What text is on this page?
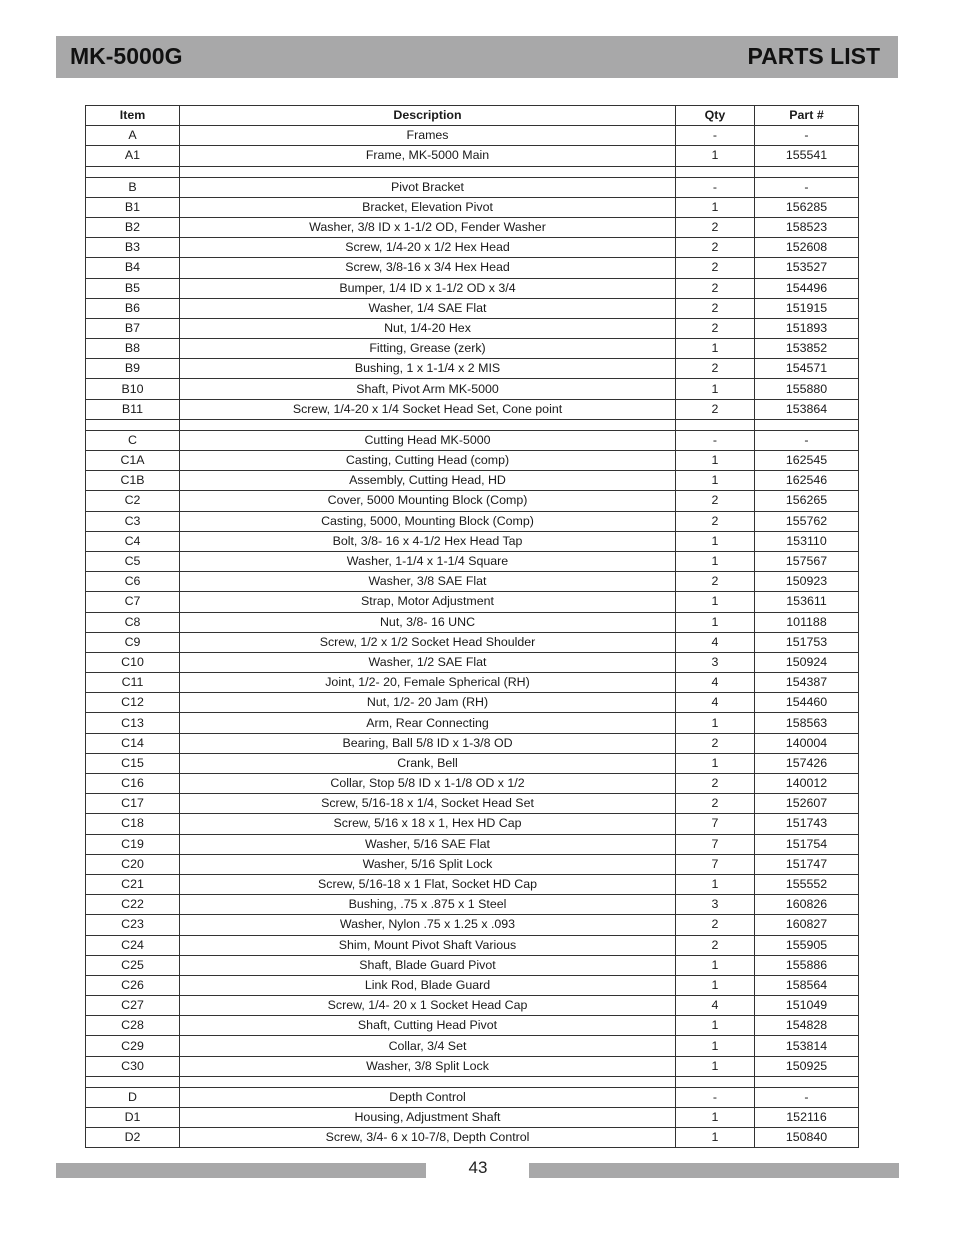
MK-5000G	PARTS LIST
Item	Description	Qty	Part #
A	Frames	-	-
A1	Frame, MK-5000 Main	1	155541

B	Pivot Bracket	-	-
B1	Bracket, Elevation Pivot	1	156285
B2	Washer, 3/8 ID x 1-1/2 OD, Fender Washer	2	158523
B3	Screw, 1/4-20 x 1/2 Hex Head	2	152608
B4	Screw, 3/8-16 x 3/4 Hex Head	2	153527
B5	Bumper, 1/4 ID x 1-1/2 OD x 3/4	2	154496
B6	Washer, 1/4 SAE Flat	2	151915
B7	Nut, 1/4-20 Hex	2	151893
B8	Fitting, Grease (zerk)	1	153852
B9	Bushing, 1 x 1-1/4 x 2 MIS	2	154571
B10	Shaft, Pivot Arm MK-5000	1	155880
B11	Screw, 1/4-20 x 1/4 Socket Head Set, Cone point	2	153864

C	Cutting Head MK-5000	-	-
C1A	Casting, Cutting Head (comp)	1	162545
C1B	Assembly, Cutting Head, HD	1	162546
C2	Cover, 5000 Mounting Block (Comp)	2	156265
C3	Casting, 5000, Mounting Block (Comp)	2	155762
C4	Bolt, 3/8- 16 x 4-1/2 Hex Head Tap	1	153110
C5	Washer, 1-1/4 x 1-1/4 Square	1	157567
C6	Washer, 3/8 SAE Flat	2	150923
C7	Strap, Motor Adjustment	1	153611
C8	Nut, 3/8- 16 UNC	1	101188
C9	Screw, 1/2 x 1/2 Socket Head Shoulder	4	151753
C10	Washer, 1/2 SAE Flat	3	150924
C11	Joint, 1/2- 20, Female Spherical (RH)	4	154387
C12	Nut, 1/2- 20 Jam (RH)	4	154460
C13	Arm, Rear Connecting	1	158563
C14	Bearing, Ball 5/8 ID x 1-3/8 OD	2	140004
C15	Crank, Bell	1	157426
C16	Collar, Stop 5/8 ID x 1-1/8 OD x 1/2	2	140012
C17	Screw, 5/16-18 x 1/4, Socket Head Set	2	152607
C18	Screw, 5/16 x 18 x 1, Hex HD Cap	7	151743
C19	Washer, 5/16 SAE Flat	7	151754
C20	Washer, 5/16 Split Lock	7	151747
C21	Screw, 5/16-18 x 1 Flat, Socket HD Cap	1	155552
C22	Bushing, .75 x .875 x 1 Steel	3	160826
C23	Washer, Nylon .75 x 1.25 x .093	2	160827
C24	Shim, Mount Pivot Shaft Various	2	155905
C25	Shaft, Blade Guard Pivot	1	155886
C26	Link Rod, Blade Guard	1	158564
C27	Screw, 1/4- 20 x 1 Socket Head Cap	4	151049
C28	Shaft, Cutting Head Pivot	1	154828
C29	Collar, 3/4 Set	1	153814
C30	Washer, 3/8 Split Lock	1	150925

D	Depth Control	-	-
D1	Housing, Adjustment Shaft	1	152116
D2	Screw, 3/4- 6 x 10-7/8, Depth Control	1	150840
43
